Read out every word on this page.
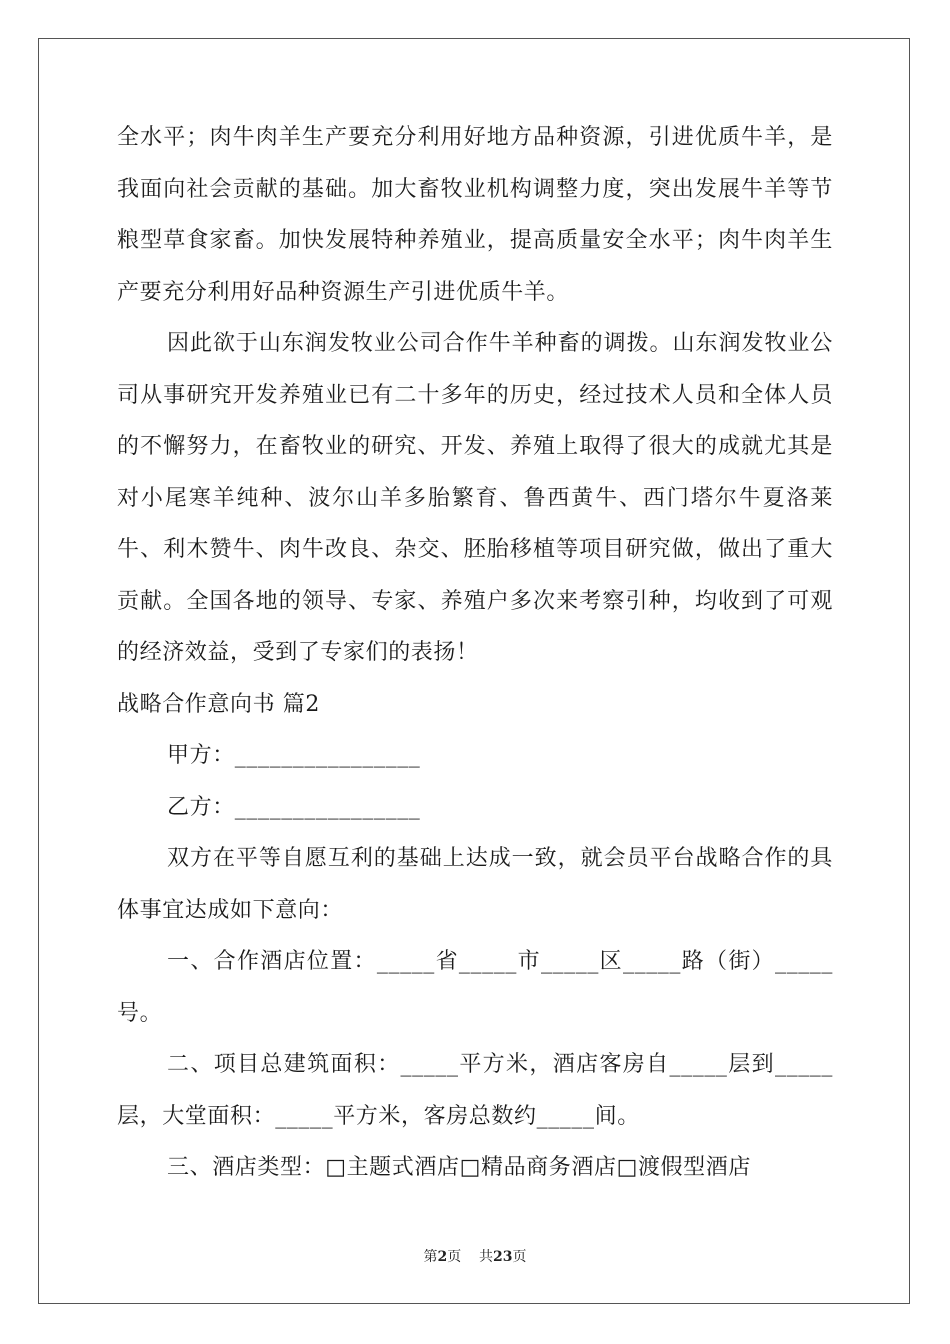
全水平；肉牛肉羊生产要充分利用好地方品种资源，引进优质牛羊，是我面向社会贡献的基础。加大畜牧业机构调整力度，突出发展牛羊等节粮型草食家畜。加快发展特种养殖业，提高质量安全水平；肉牛肉羊生产要充分利用好品种资源生产引进优质牛羊。

因此欲于山东润发牧业公司合作牛羊种畜的调拨。山东润发牧业公司从事研究开发养殖业已有二十多年的历史，经过技术人员和全体人员的不懈努力，在畜牧业的研究、开发、养殖上取得了很大的成就尤其是对小尾寒羊纯种、波尔山羊多胎繁育、鲁西黄牛、西门塔尔牛夏洛莱牛、利木赞牛、肉牛改良、杂交、胚胎移植等项目研究做，做出了重大贡献。全国各地的领导、专家、养殖户多次来考察引种，均收到了可观的经济效益，受到了专家们的表扬！

战略合作意向书 篇2

甲方：________________

乙方：________________

双方在平等自愿互利的基础上达成一致，就会员平台战略合作的具体事宜达成如下意向：

一、合作酒店位置：_____省_____市_____区_____路（街）_____号。

二、项目总建筑面积：_____平方米，酒店客房自_____层到_____层，大堂面积：_____平方米，客房总数约_____间。

三、酒店类型：□主题式酒店□精品商务酒店□渡假型酒店

第2页    共23页
